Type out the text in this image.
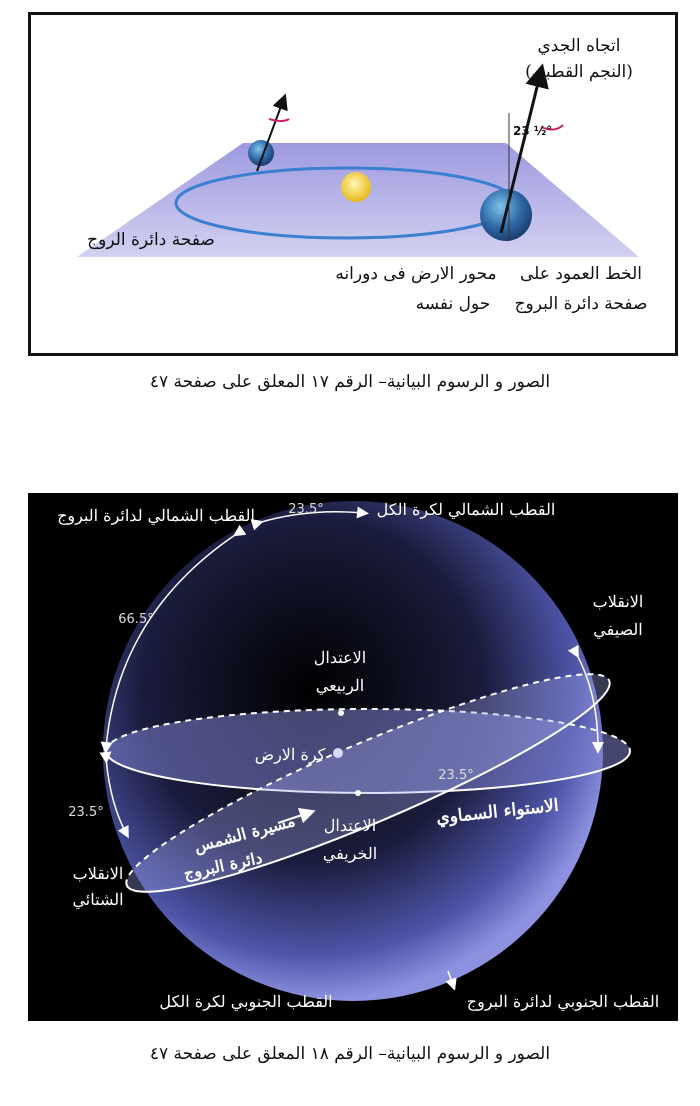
23 ½°
اتجاه الجدي
(النجم القطبي)
صفحة دائرة الروج
محور الارض فى دورانه
حول نفسه
الخط العمود على
صفحة دائرة البروج
الصور و الرسوم البيانية– الرقم ١٧ المعلق على صفحة ٤٧
23.5°
66.5°
23.5°
23.5°
القطب الشمالي لدائرة البروج	القطب الشمالي لكرة الكل
الانقلاب
الصيفي
الاعتدال
الربيعي
كرة الارض
الاستواء السماوي
مسيرة الشمس
دائرة البروج
الاعتدال
الخريفي
الانقلاب
الشتائي
القطب الجنوبي لكرة الكل	القطب الجنوبي لدائرة البروج
الصور و الرسوم البيانية– الرقم ١٨ المعلق على صفحة ٤٧
